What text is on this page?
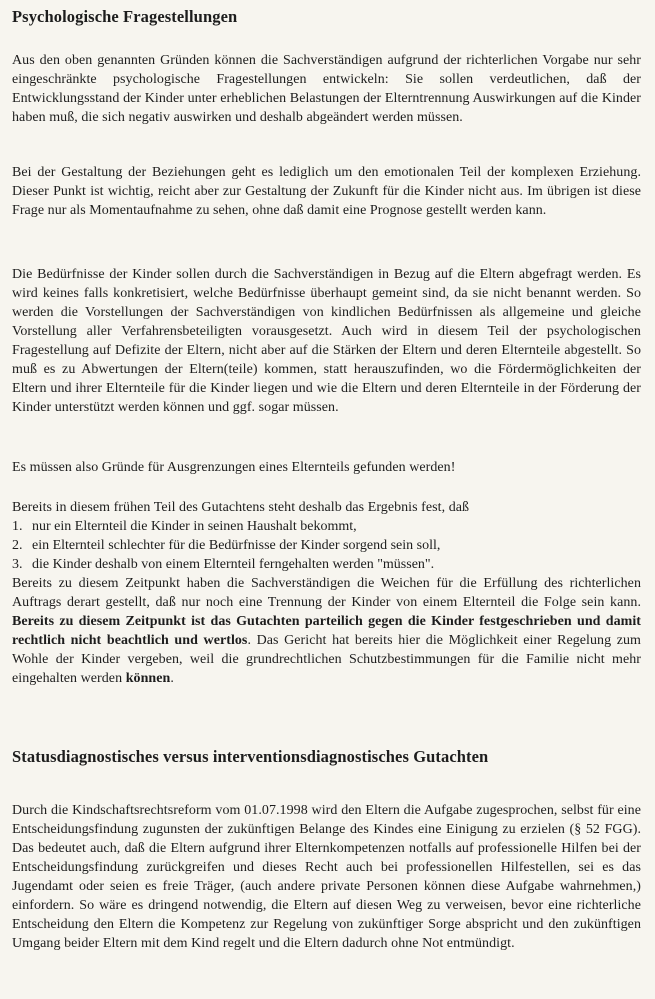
Psychologische Fragestellungen

Aus den oben genannten Gründen können die Sachverständigen aufgrund der richterlichen Vorgabe nur sehr eingeschränkte psychologische Fragestellungen entwickeln: Sie sollen verdeutlichen, daß der Entwicklungsstand der Kinder unter erheblichen Belastungen der Elterntrennung Auswirkungen auf die Kinder haben muß, die sich negativ auswirken und deshalb abgeändert werden müssen.

Bei der Gestaltung der Beziehungen geht es lediglich um den emotionalen Teil der komplexen Erziehung. Dieser Punkt ist wichtig, reicht aber zur Gestaltung der Zukunft für die Kinder nicht aus. Im übrigen ist diese Frage nur als Momentaufnahme zu sehen, ohne daß damit eine Prognose gestellt werden kann.

Die Bedürfnisse der Kinder sollen durch die Sachverständigen in Bezug auf die Eltern abgefragt werden. Es wird keines falls konkretisiert, welche Bedürfnisse überhaupt gemeint sind, da sie nicht benannt werden. So werden die Vorstellungen der Sachverständigen von kindlichen Bedürfnissen als allgemeine und gleiche Vorstellung aller Verfahrensbeteiligten vorausgesetzt. Auch wird in diesem Teil der psychologischen Fragestellung auf Defizite der Eltern, nicht aber auf die Stärken der Eltern und deren Elternteile abgestellt. So muß es zu Abwertungen der Eltern(teile) kommen, statt herauszufinden, wo die Fördermöglichkeiten der Eltern und ihrer Elternteile für die Kinder liegen und wie die Eltern und deren Elternteile in der Förderung der Kinder unterstützt werden können und ggf. sogar müssen.

Es müssen also Gründe für Ausgrenzungen eines Elternteils gefunden werden!

Bereits in diesem frühen Teil des Gutachtens steht deshalb das Ergebnis fest, daß

1. nur ein Elternteil die Kinder in seinen Haushalt bekommt,
2. ein Elternteil schlechter für die Bedürfnisse der Kinder sorgend sein soll,
3. die Kinder deshalb von einem Elternteil ferngehalten werden "müssen".

Bereits zu diesem Zeitpunkt haben die Sachverständigen die Weichen für die Erfüllung des richterlichen Auftrags derart gestellt, daß nur noch eine Trennung der Kinder von einem Elternteil die Folge sein kann. Bereits zu diesem Zeitpunkt ist das Gutachten parteilich gegen die Kinder festgeschrieben und damit rechtlich nicht beachtlich und wertlos. Das Gericht hat bereits hier die Möglichkeit einer Regelung zum Wohle der Kinder vergeben, weil die grundrechtlichen Schutzbestimmungen für die Familie nicht mehr eingehalten werden können.

Statusdiagnostisches versus interventionsdiagnostisches Gutachten

Durch die Kindschaftsrechtsreform vom 01.07.1998 wird den Eltern die Aufgabe zugesprochen, selbst für eine Entscheidungsfindung zugunsten der zukünftigen Belange des Kindes eine Einigung zu erzielen (§ 52 FGG). Das bedeutet auch, daß die Eltern aufgrund ihrer Elternkompetenzen notfalls auf professionelle Hilfen bei der Entscheidungsfindung zurückgreifen und dieses Recht auch bei professionellen Hilfestellen, sei es das Jugendamt oder seien es freie Träger, (auch andere private Personen können diese Aufgabe wahrnehmen,) einfordern. So wäre es dringend notwendig, die Eltern auf diesen Weg zu verweisen, bevor eine richterliche Entscheidung den Eltern die Kompetenz zur Regelung von zukünftiger Sorge abspricht und den zukünftigen Umgang beider Eltern mit dem Kind regelt und die Eltern dadurch ohne Not entmündigt.
